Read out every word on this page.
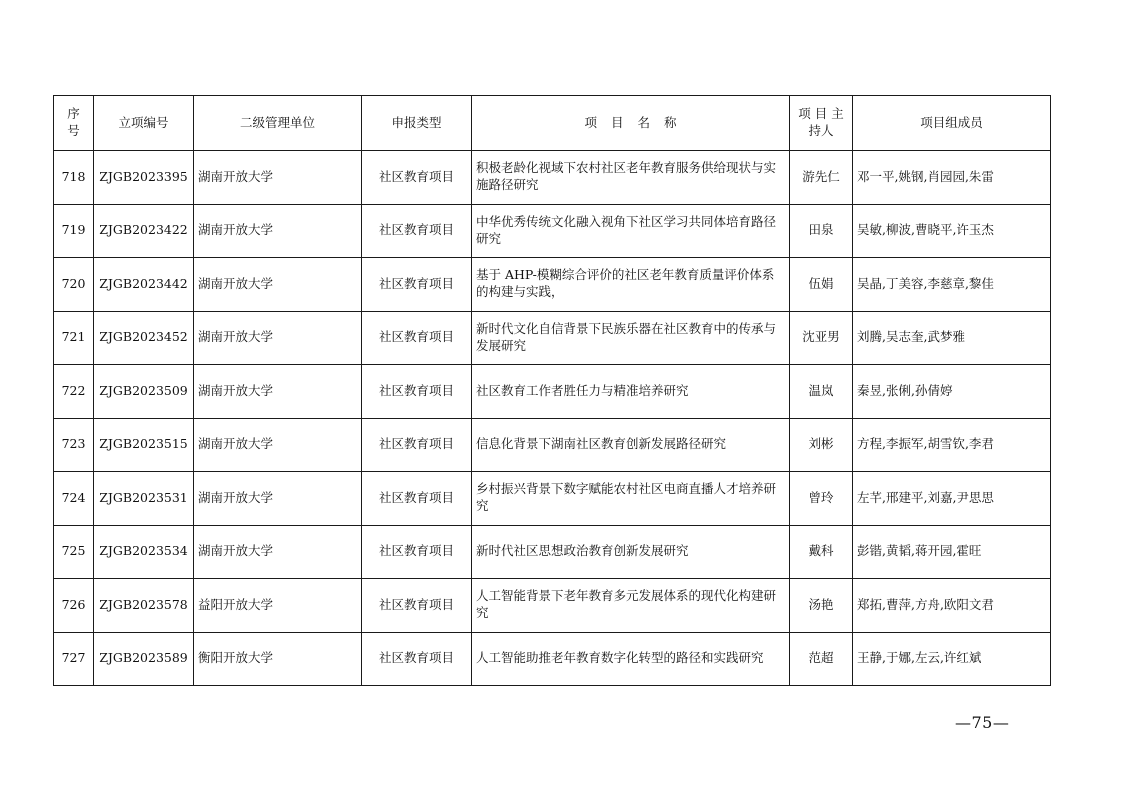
序号	立项编号	二级管理单位	申报类型	项 目 名 称	项 目 主持人	项目组成员
718	ZJGB2023395	湖南开放大学	社区教育项目	积极老龄化视域下农村社区老年教育服务供给现状与实施路径研究	游先仁	邓一平,姚钢,肖园园,朱雷
719	ZJGB2023422	湖南开放大学	社区教育项目	中华优秀传统文化融入视角下社区学习共同体培育路径研究	田泉	吴敏,柳波,曹晓平,许玉杰
720	ZJGB2023442	湖南开放大学	社区教育项目	基于 AHP-模糊综合评价的社区老年教育质量评价体系的构建与实践，	伍娟	吴晶,丁美容,李慈章,黎佳
721	ZJGB2023452	湖南开放大学	社区教育项目	新时代文化自信背景下民族乐器在社区教育中的传承与发展研究	沈亚男	刘腾,吴志奎,武梦雅
722	ZJGB2023509	湖南开放大学	社区教育项目	社区教育工作者胜任力与精准培养研究	温岚	秦昱,张俐,孙倩婷
723	ZJGB2023515	湖南开放大学	社区教育项目	信息化背景下湖南社区教育创新发展路径研究	刘彬	方程,李振军,胡雪钦,李君
724	ZJGB2023531	湖南开放大学	社区教育项目	乡村振兴背景下数字赋能农村社区电商直播人才培养研究	曾玲	左芊,邢建平,刘嘉,尹思思
725	ZJGB2023534	湖南开放大学	社区教育项目	新时代社区思想政治教育创新发展研究	戴科	彭锴,黄韬,蒋开园,霍旺
726	ZJGB2023578	益阳开放大学	社区教育项目	人工智能背景下老年教育多元发展体系的现代化构建研究	汤艳	郑拓,曹萍,方舟,欧阳文君
727	ZJGB2023589	衡阳开放大学	社区教育项目	人工智能助推老年教育数字化转型的路径和实践研究	范超	王静,于娜,左云,许红斌
—75—
